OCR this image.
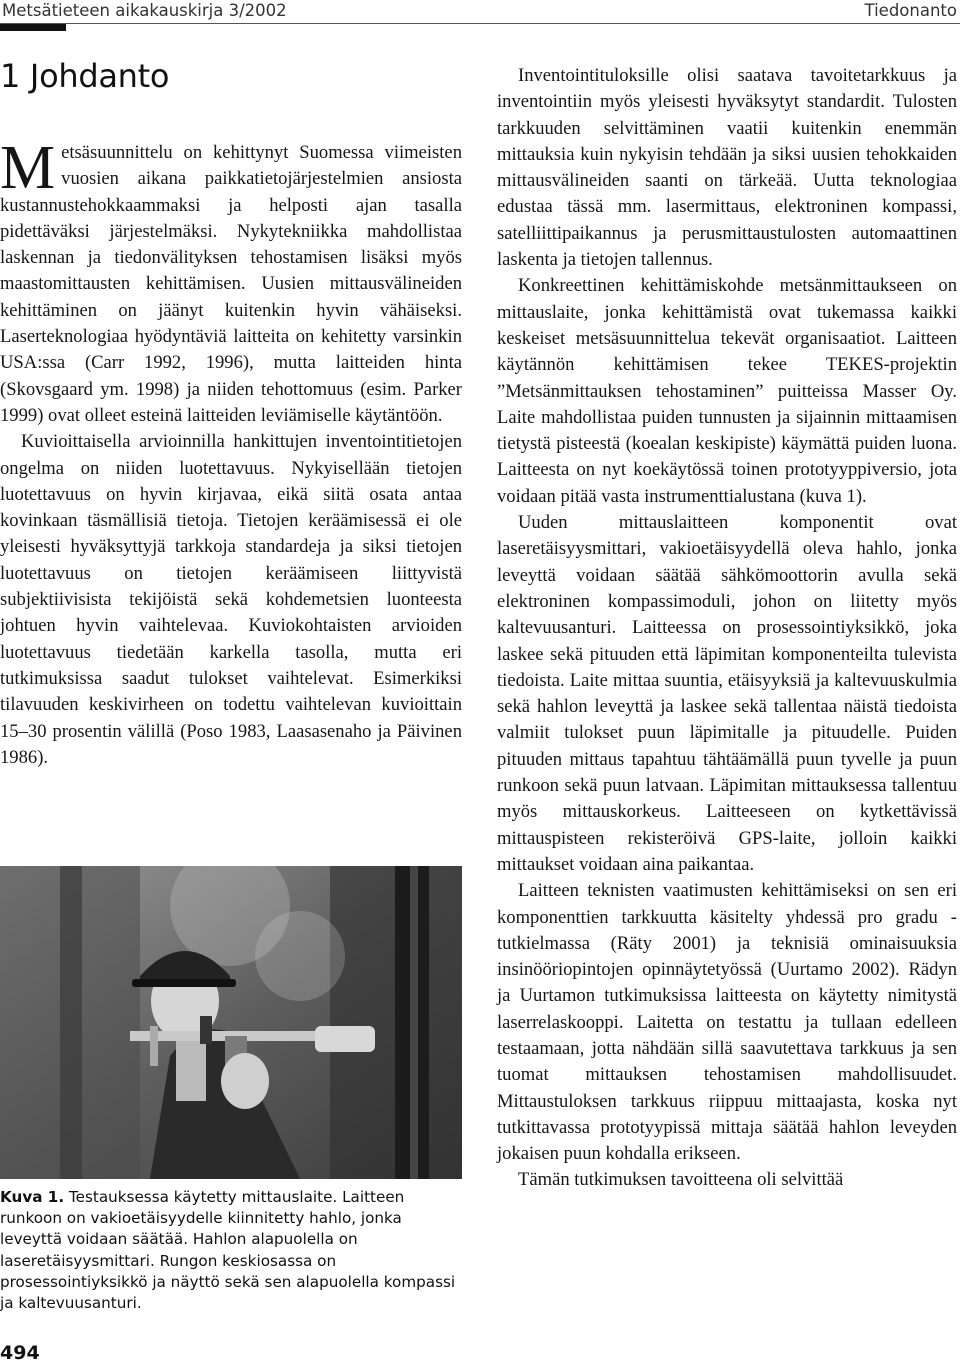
Metsätieteen aikakauskirja 3/2002	Tiedonanto
1 Johdanto

Metsäsuunnittelu on kehittynyt Suomessa viimeisten vuosien aikana paikkatietojärjestelmien ansiosta kustannustehokkaammaksi ja helposti ajan tasalla pidettäväksi järjestelmäksi. Nykytekniikka mahdollistaa laskennan ja tiedonvälityksen tehostamisen lisäksi myös maastomittausten kehittämisen. Uusien mittausvälineiden kehittäminen on jäänyt kuitenkin hyvin vähäiseksi. Laserteknologiaa hyödyntäviä laitteita on kehitetty varsinkin USA:ssa (Carr 1992, 1996), mutta laitteiden hinta (Skovsgaard ym. 1998) ja niiden tehottomuus (esim. Parker 1999) ovat olleet esteinä laitteiden leviämiselle käytäntöön.

Kuvioittaisella arvioinnilla hankittujen inventointitietojen ongelma on niiden luotettavuus. Nykyisellään tietojen luotettavuus on hyvin kirjavaa, eikä siitä osata antaa kovinkaan täsmällisiä tietoja. Tietojen keräämisessä ei ole yleisesti hyväksyttyjä tarkkoja standardeja ja siksi tietojen luotettavuus on tietojen keräämiseen liittyvistä subjektiivisista tekijöistä sekä kohdemetsien luonteesta johtuen hyvin vaihtelevaa. Kuviokohtaisten arvioiden luotettavuus tiedetään karkella tasolla, mutta eri tutkimuksissa saadut tulokset vaihtelevat. Esimerkiksi tilavuuden keskivirheen on todettu vaihtelevan kuvioittain 15–30 prosentin välillä (Poso 1983, Laasasenaho ja Päivinen 1986).

Kuva 1. Testauksessa käytetty mittauslaite. Laitteen runkoon on vakioetäisyydelle kiinnitetty hahlo, jonka leveyttä voidaan säätää. Hahlon alapuolella on laseretäisyysmittari. Rungon keskiosassa on prosessointiyksikkö ja näyttö sekä sen alapuolella kompassi ja kaltevuusanturi.
494

Inventointituloksille olisi saatava tavoitetarkkuus ja inventointiin myös yleisesti hyväksytyt standardit. Tulosten tarkkuuden selvittäminen vaatii kuitenkin enemmän mittauksia kuin nykyisin tehdään ja siksi uusien tehokkaiden mittausvälineiden saanti on tärkeää. Uutta teknologiaa edustaa tässä mm. lasermittaus, elektroninen kompassi, satelliittipaikannus ja perusmittaustulosten automaattinen laskenta ja tietojen tallennus.

Konkreettinen kehittämiskohde metsänmittaukseen on mittauslaite, jonka kehittämistä ovat tukemassa kaikki keskeiset metsäsuunnittelua tekevät organisaatiot. Laitteen käytännön kehittämisen tekee TEKES-projektin ”Metsänmittauksen tehostaminen” puitteissa Masser Oy. Laite mahdollistaa puiden tunnusten ja sijainnin mittaamisen tietystä pisteestä (koealan keskipiste) käymättä puiden luona. Laitteesta on nyt koekäytössä toinen prototyyppiversio, jota voidaan pitää vasta instrumenttialustana (kuva 1).

Uuden mittauslaitteen komponentit ovat laseretäisyysmittari, vakioetäisyydellä oleva hahlo, jonka leveyttä voidaan säätää sähkömoottorin avulla sekä elektroninen kompassimoduli, johon on liitetty myös kaltevuusanturi. Laitteessa on prosessointiyksikkö, joka laskee sekä pituuden että läpimitan komponenteilta tulevista tiedoista. Laite mittaa suuntia, etäisyyksiä ja kaltevuuskulmia sekä hahlon leveyttä ja laskee sekä tallentaa näistä tiedoista valmiit tulokset puun läpimitalle ja pituudelle. Puiden pituuden mittaus tapahtuu tähtäämällä puun tyvelle ja puun runkoon sekä puun latvaan. Läpimitan mittauksessa tallentuu myös mittauskorkeus. Laitteeseen on kytkettävissä mittauspisteen rekisteröivä GPS-laite, jolloin kaikki mittaukset voidaan aina paikantaa.

Laitteen teknisten vaatimusten kehittämiseksi on sen eri komponenttien tarkkuutta käsitelty yhdessä pro gradu -tutkielmassa (Räty 2001) ja teknisiä ominaisuuksia insinööriopintojen opinnäytetyössä (Uurtamo 2002). Rädyn ja Uurtamon tutkimuksissa laitteesta on käytetty nimitystä laserrelaskooppi. Laitetta on testattu ja tullaan edelleen testaamaan, jotta nähdään sillä saavutettava tarkkuus ja sen tuomat mittauksen tehostamisen mahdollisuudet. Mittaustuloksen tarkkuus riippuu mittaajasta, koska nyt tutkittavassa prototyypissä mittaja säätää hahlon leveyden jokaisen puun kohdalla erikseen.

Tämän tutkimuksen tavoitteena oli selvittää
